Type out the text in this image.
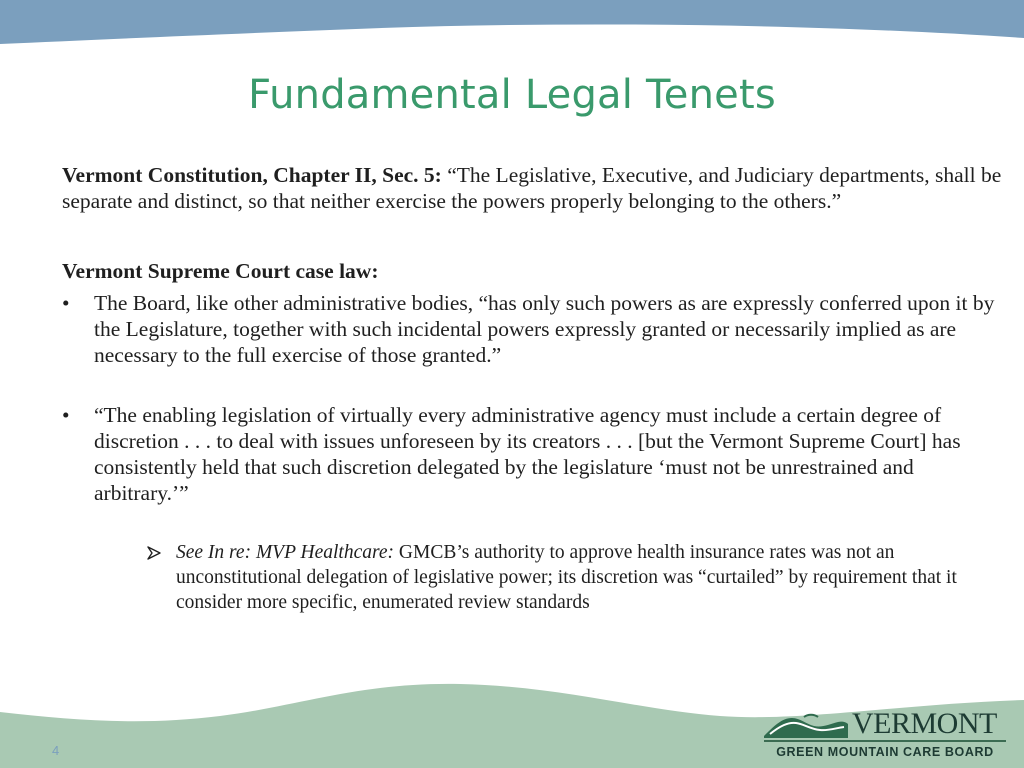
Fundamental Legal Tenets

Vermont Constitution, Chapter II, Sec. 5: “The Legislative, Executive, and Judiciary departments, shall be separate and distinct, so that neither exercise the powers properly belonging to the others.”

Vermont Supreme Court case law:

•	The Board, like other administrative bodies, “has only such powers as are expressly conferred upon it by the Legislature, together with such incidental powers expressly granted or necessarily implied as are necessary to the full exercise of those granted.”
•	“The enabling legislation of virtually every administrative agency must include a certain degree of discretion . . . to deal with issues unforeseen by its creators . . . [but the Vermont Supreme Court] has consistently held that such discretion delegated by the legislature ‘must not be unrestrained and arbitrary.’”
See In re: MVP Healthcare: GMCB’s authority to approve health insurance rates was not an unconstitutional delegation of legislative power; its discretion was “curtailed” by requirement that it consider more specific, enumerated review standards
4
VERMONT
GREEN MOUNTAIN CARE BOARD
